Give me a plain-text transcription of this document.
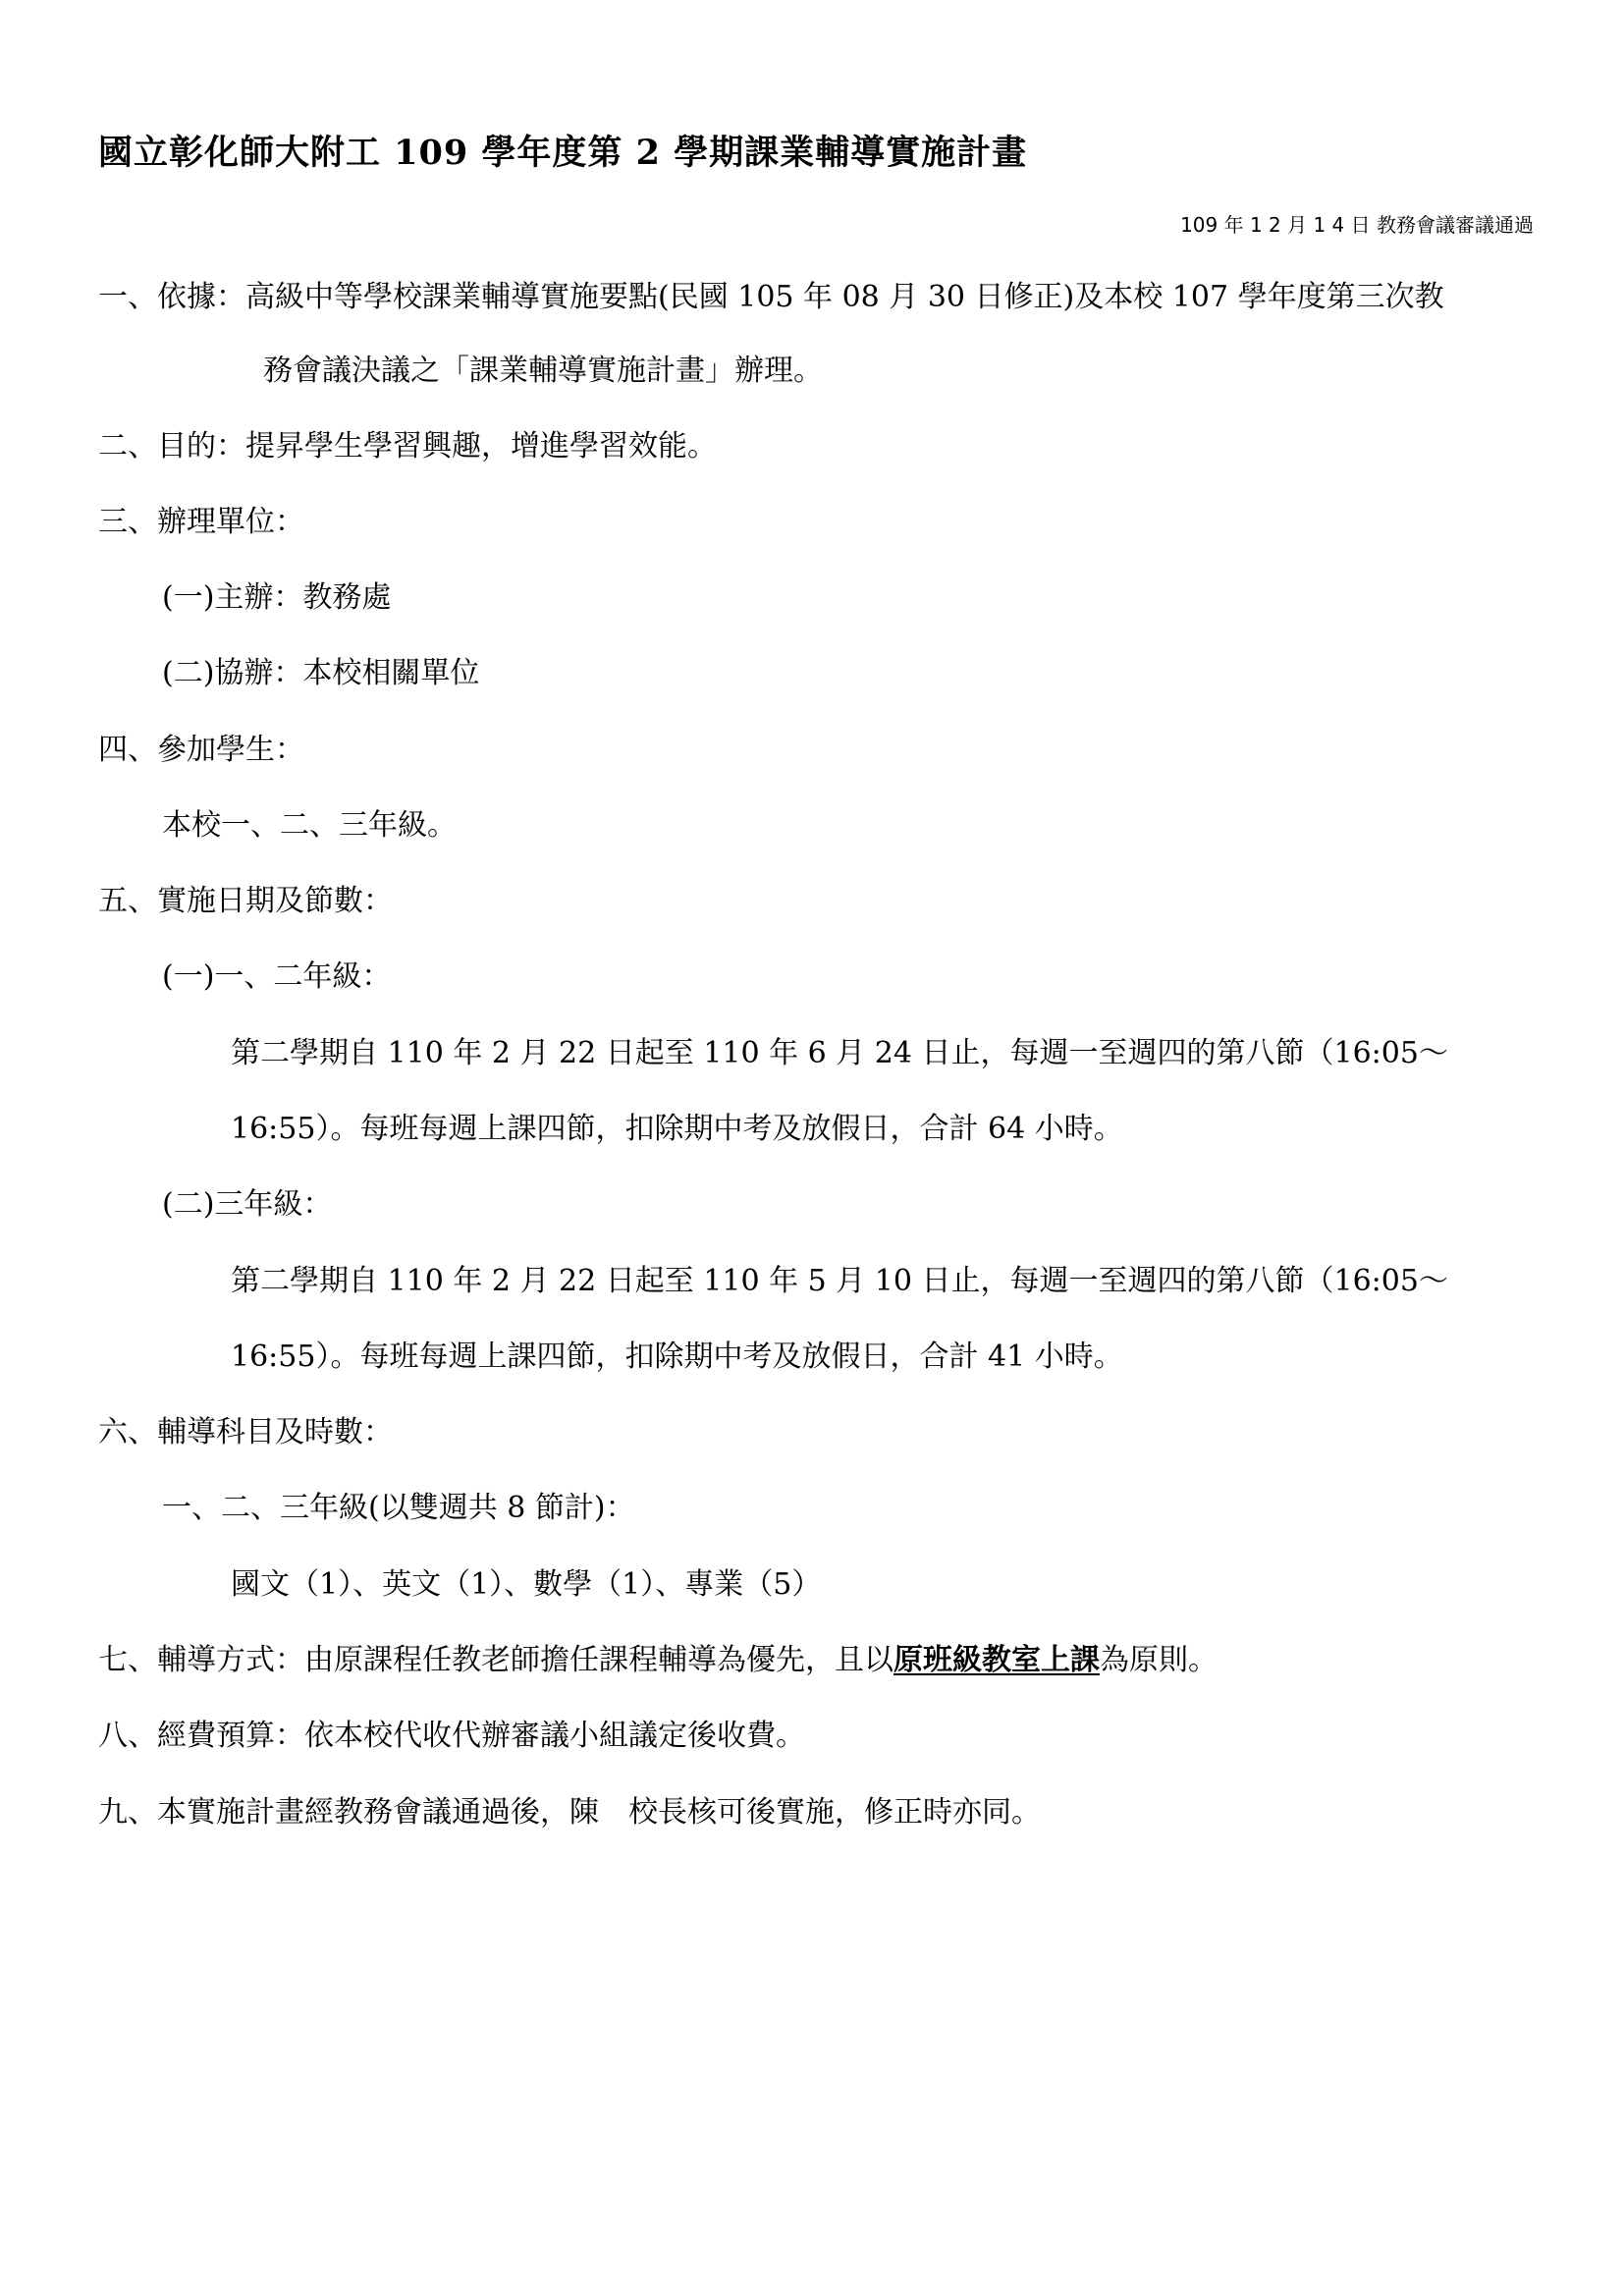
國立彰化師大附工 109 學年度第 2 學期課業輔導實施計畫
109 年 1 2 月 1 4 日 教務會議審議通過
一、依據：高級中等學校課業輔導實施要點(民國 105 年 08 月 30 日修正)及本校 107 學年度第三次教
務會議決議之「課業輔導實施計畫」辦理。
二、目的：提昇學生學習興趣，增進學習效能。
三、辦理單位：
(一)主辦：教務處
(二)協辦：本校相關單位
四、參加學生：
本校一、二、三年級。
五、實施日期及節數：
(一)一、二年級：
第二學期自 110 年 2 月 22 日起至 110 年 6 月 24 日止，每週一至週四的第八節（16:05～
16:55）。每班每週上課四節，扣除期中考及放假日，合計 64 小時。
(二)三年級：
第二學期自 110 年 2 月 22 日起至 110 年 5 月 10 日止，每週一至週四的第八節（16:05～
16:55）。每班每週上課四節，扣除期中考及放假日，合計 41 小時。
六、輔導科目及時數：
一、二、三年級(以雙週共 8 節計)：
國文（1）、英文（1）、數學（1）、專業（5）
七、輔導方式：由原課程任教老師擔任課程輔導為優先，且以原班級教室上課為原則。
八、經費預算：依本校代收代辦審議小組議定後收費。
九、本實施計畫經教務會議通過後，陳　校長核可後實施，修正時亦同。
